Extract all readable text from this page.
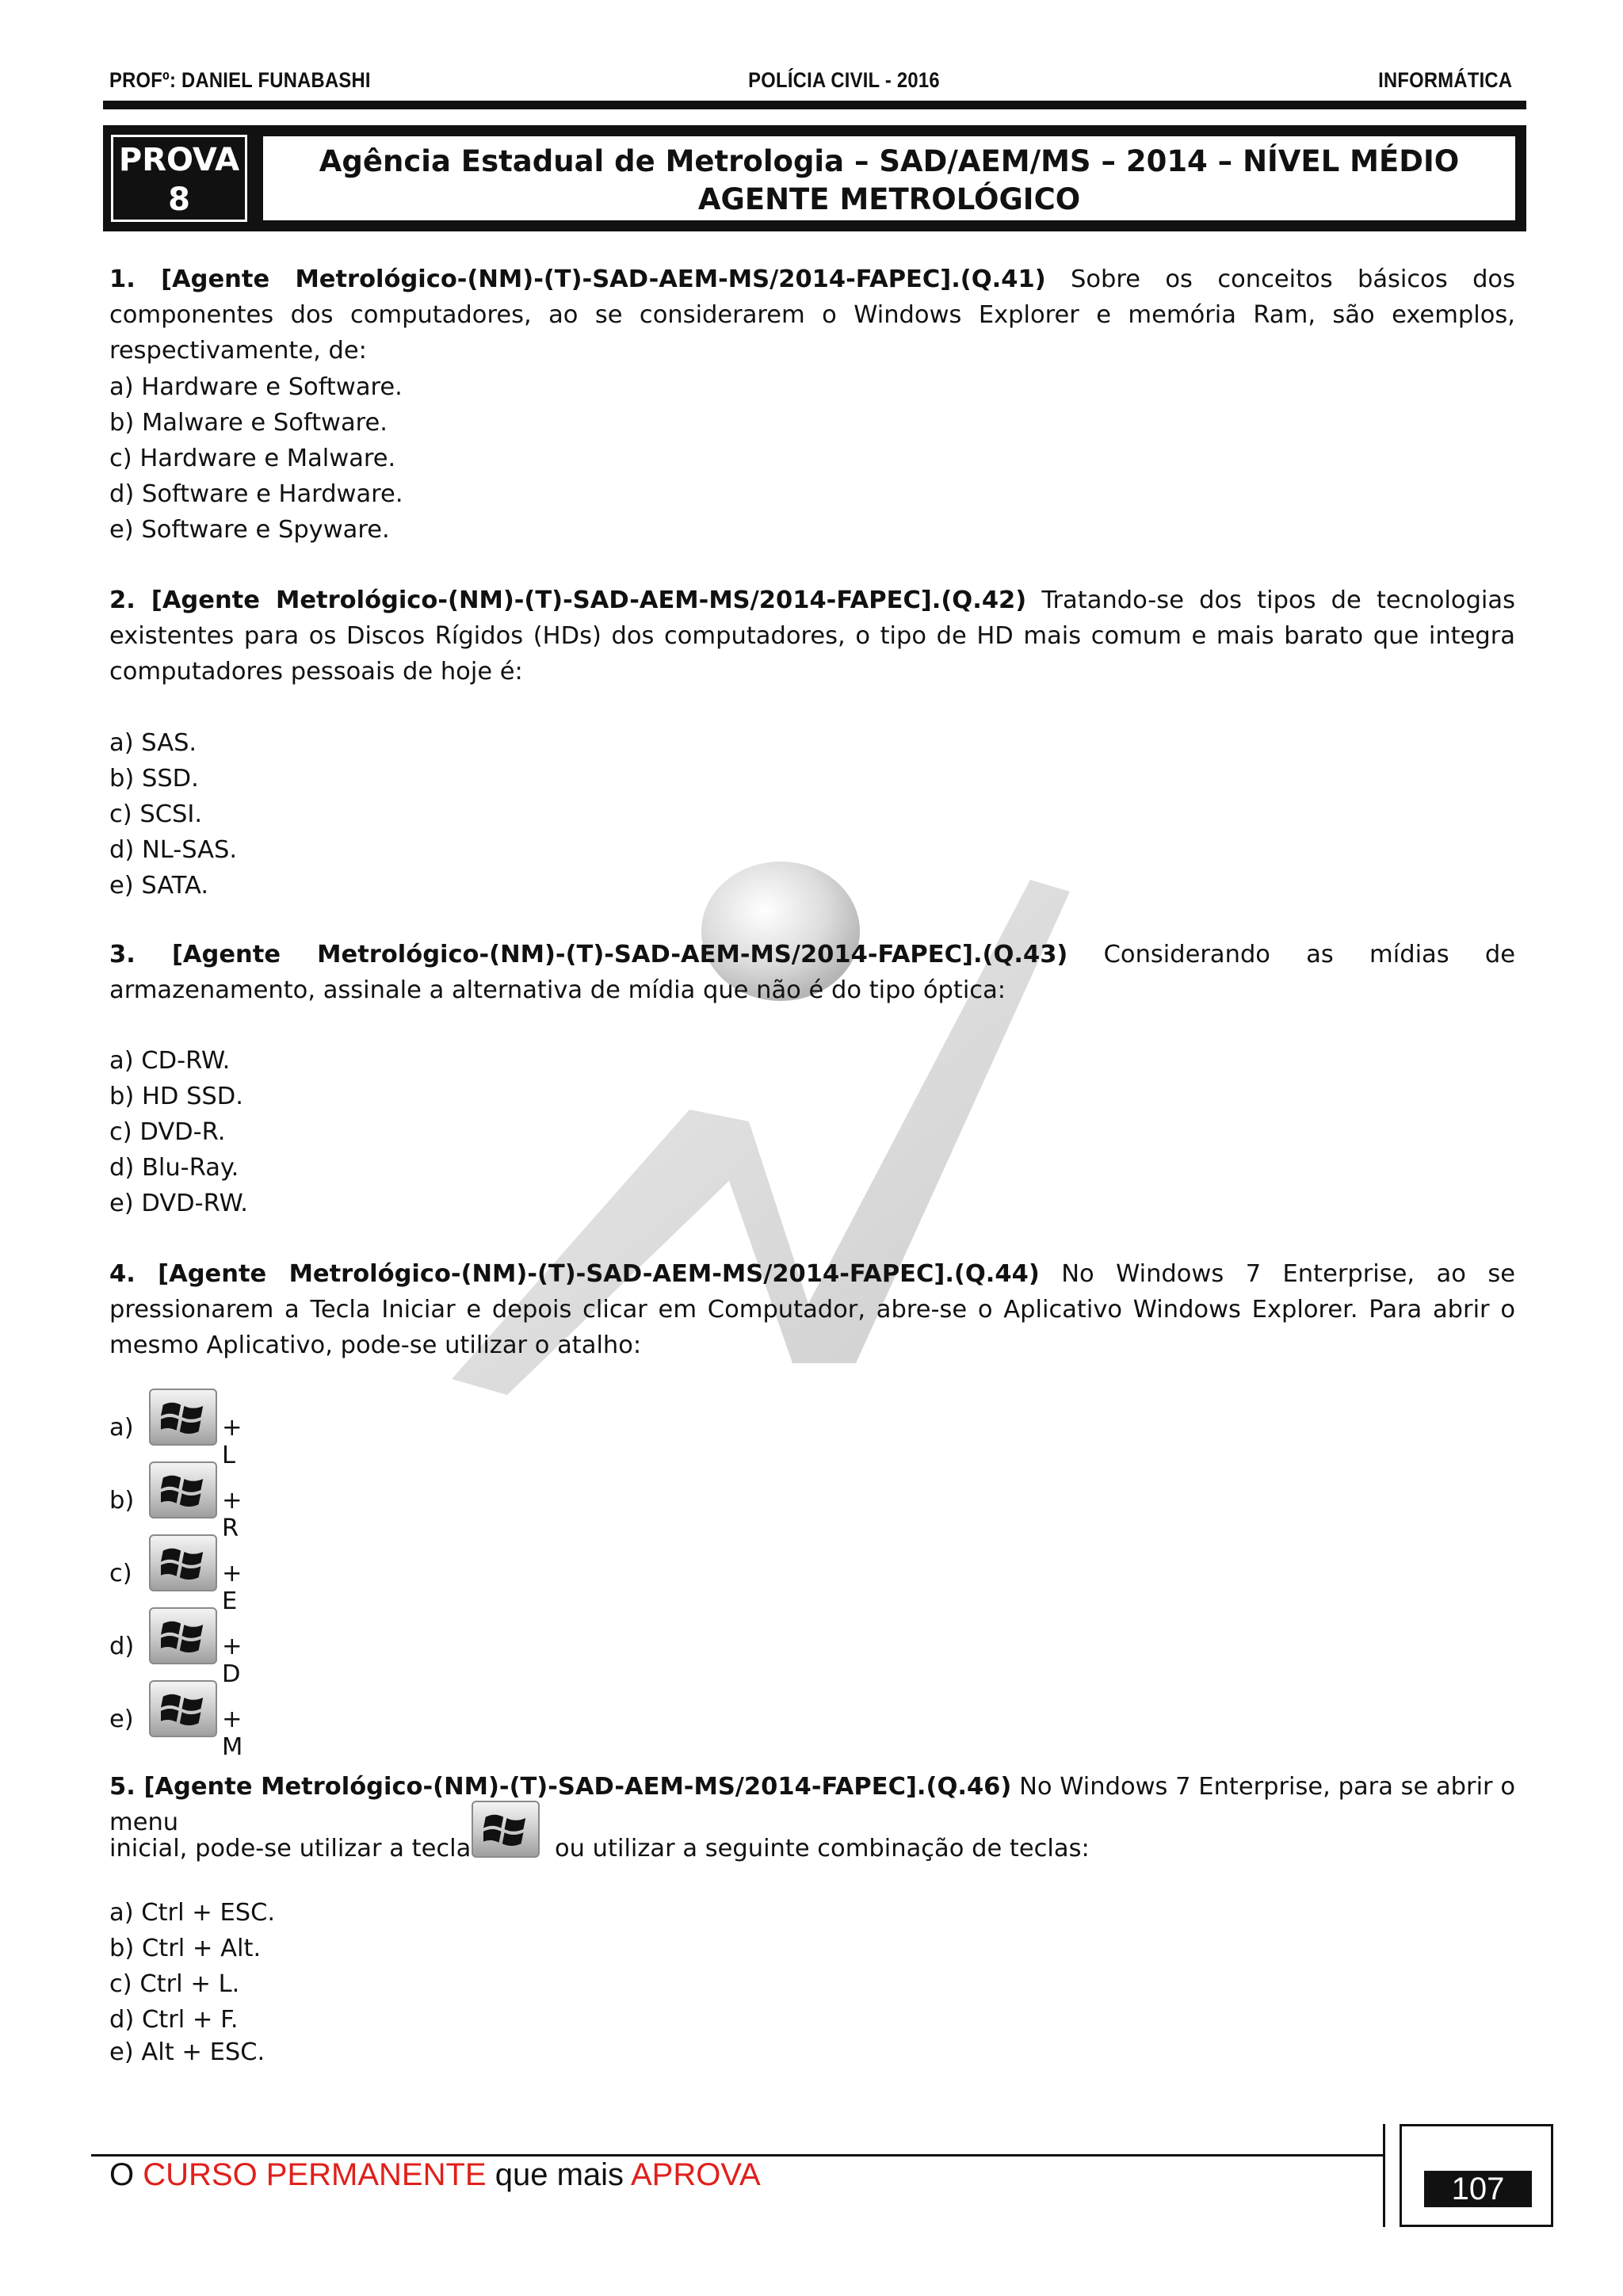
PROFº: DANIEL FUNABASHI	POLÍCIA CIVIL - 2016	INFORMÁTICA
PROVA
8
Agência Estadual de Metrologia – SAD/AEM/MS – 2014 – NÍVEL MÉDIO
AGENTE METROLÓGICO
1. [Agente Metrológico-(NM)-(T)-SAD-AEM-MS/2014-FAPEC].(Q.41) Sobre os conceitos básicos dos componentes dos computadores, ao se considerarem o Windows Explorer e memória Ram, são exemplos, respectivamente, de:
a) Hardware e Software.
b) Malware e Software.
c) Hardware e Malware.
d) Software e Hardware.
e) Software e Spyware.
2. [Agente Metrológico-(NM)-(T)-SAD-AEM-MS/2014-FAPEC].(Q.42) Tratando-se dos tipos de tecnologias existentes para os Discos Rígidos (HDs) dos computadores, o tipo de HD mais comum e mais barato que integra computadores pessoais de hoje é:
a) SAS.
b) SSD.
c) SCSI.
d) NL-SAS.
e) SATA.
3. [Agente Metrológico-(NM)-(T)-SAD-AEM-MS/2014-FAPEC].(Q.43) Considerando as mídias de armazenamento, assinale a alternativa de mídia que não é do tipo óptica:
a) CD-RW.
b) HD SSD.
c) DVD-R.
d) Blu-Ray.
e) DVD-RW.
4. [Agente Metrológico-(NM)-(T)-SAD-AEM-MS/2014-FAPEC].(Q.44) No Windows 7 Enterprise, ao se pressionarem a Tecla Iniciar e depois clicar em Computador, abre-se o Aplicativo Windows Explorer. Para abrir o mesmo Aplicativo, pode-se utilizar o atalho:
a)	+ L
b)	+ R
c)	+ E
d)	+ D
e)	+ M
5. [Agente Metrológico-(NM)-(T)-SAD-AEM-MS/2014-FAPEC].(Q.46) No Windows 7 Enterprise, para se abrir o menu
inicial, pode-se utilizar a tecla	ou utilizar a seguinte combinação de teclas:
a) Ctrl + ESC.
b) Ctrl + Alt.
c) Ctrl + L.
d) Ctrl + F.
e) Alt + ESC.
O CURSO PERMANENTE que mais APROVA	107
